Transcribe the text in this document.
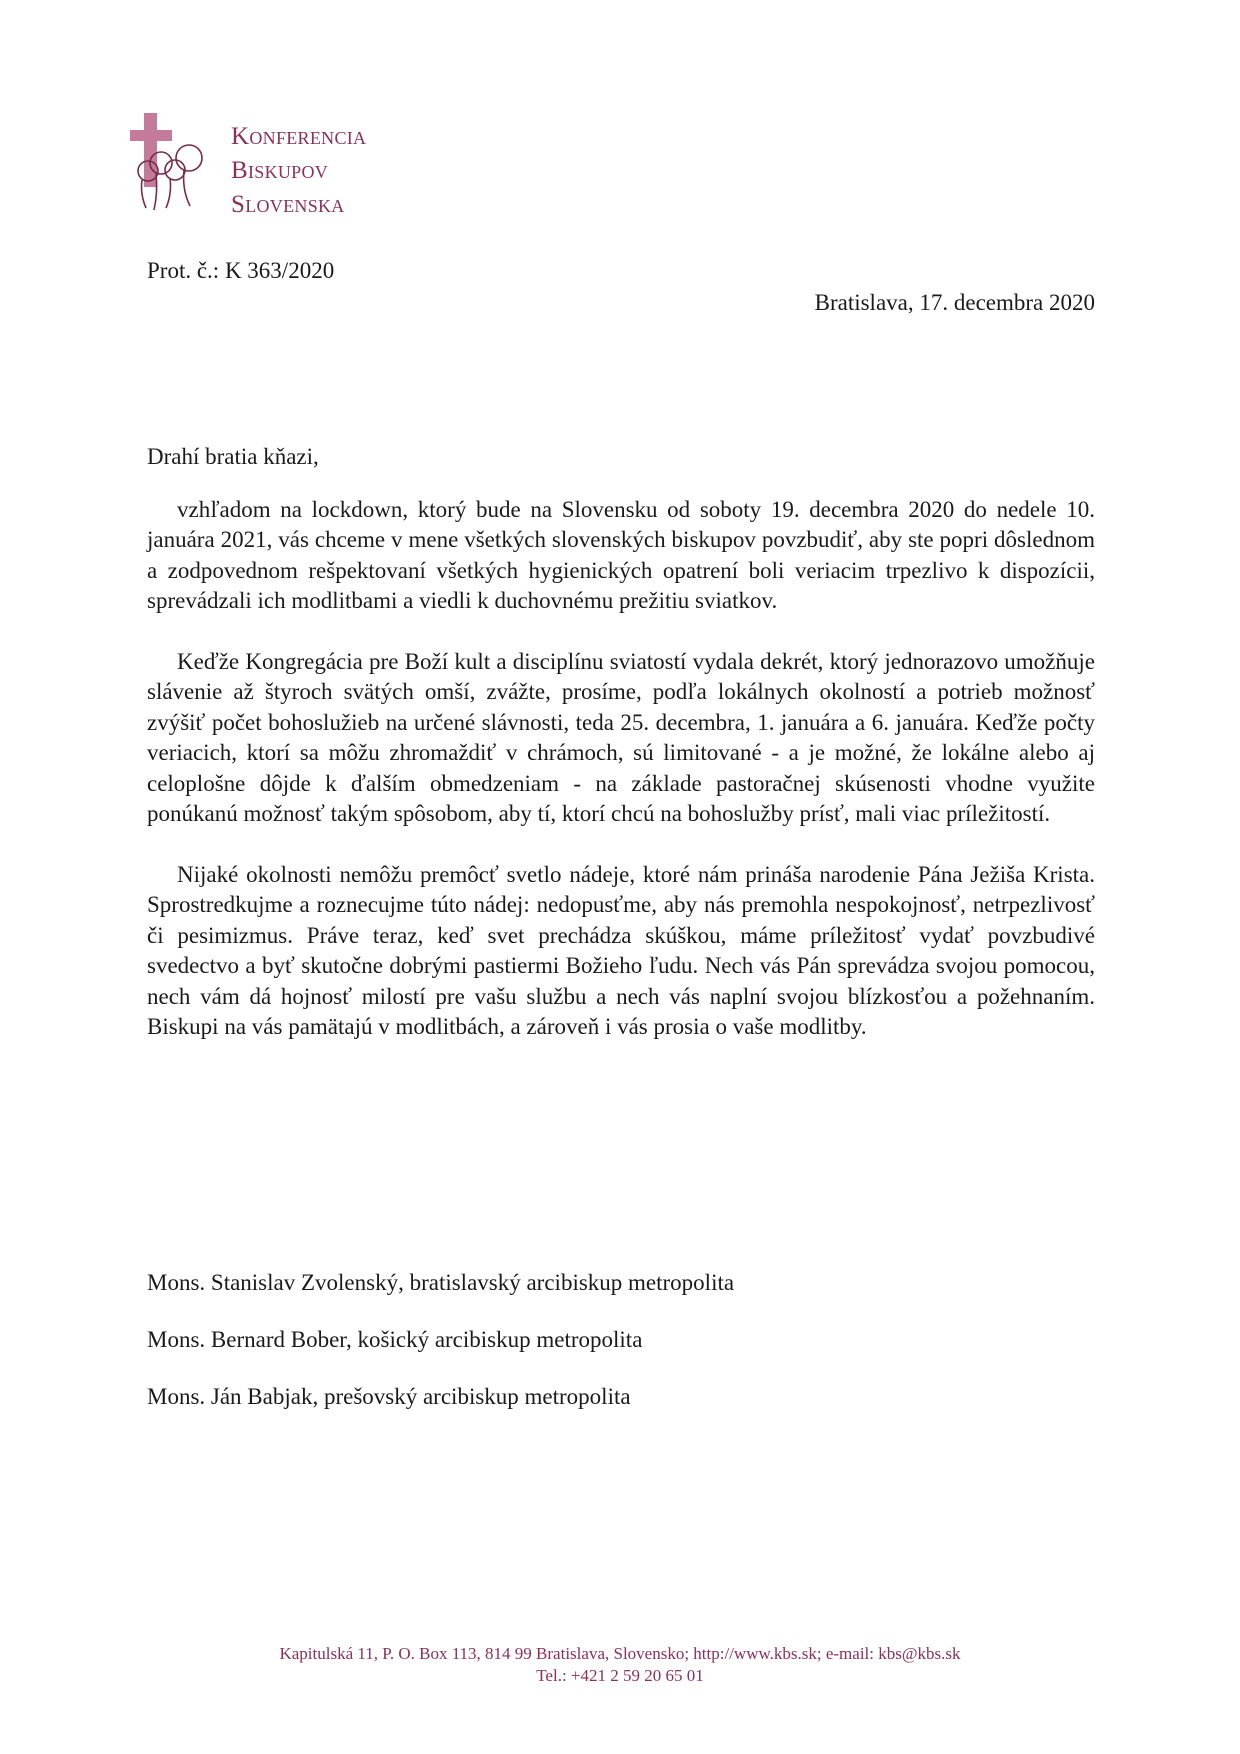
Konferencia
Biskupov
Slovenska
Prot. č.: K 363/2020
Bratislava, 17. decembra 2020

Drahí bratia kňazi,

vzhľadom na lockdown, ktorý bude na Slovensku od soboty 19. decembra 2020 do nedele 10. januára 2021, vás chceme v mene všetkých slovenských biskupov povzbudiť, aby ste popri dôslednom a zodpovednom rešpektovaní všetkých hygienických opatrení boli veriacim trpezlivo k dispozícii, sprevádzali ich modlitbami a viedli k duchovnému prežitiu sviatkov.

Keďže Kongregácia pre Boží kult a disciplínu sviatostí vydala dekrét, ktorý jednorazovo umožňuje slávenie až štyroch svätých omší, zvážte, prosíme, podľa lokálnych okolností a potrieb možnosť zvýšiť počet bohoslužieb na určené slávnosti, teda 25. decembra, 1. januára a 6. januára. Keďže počty veriacich, ktorí sa môžu zhromaždiť v chrámoch, sú limitované - a je možné, že lokálne alebo aj celoplošne dôjde k ďalším obmedzeniam - na základe pastoračnej skúsenosti vhodne využite ponúkanú možnosť takým spôsobom, aby tí, ktorí chcú na bohoslužby prísť, mali viac príležitostí.

Nijaké okolnosti nemôžu premôcť svetlo nádeje, ktoré nám prináša narodenie Pána Ježiša Krista. Sprostredkujme a roznecujme túto nádej: nedopusťme, aby nás premohla nespokojnosť, netrpezlivosť či pesimizmus. Práve teraz, keď svet prechádza skúškou, máme príležitosť vydať povzbudivé svedectvo a byť skutočne dobrými pastiermi Božieho ľudu. Nech vás Pán sprevádza svojou pomocou, nech vám dá hojnosť milostí pre vašu službu a nech vás naplní svojou blízkosťou a požehnaním. Biskupi na vás pamätajú v modlitbách, a zároveň i vás prosia o vaše modlitby.

Mons. Stanislav Zvolenský, bratislavský arcibiskup metropolita
Mons. Bernard Bober, košický arcibiskup metropolita
Mons. Ján Babjak, prešovský arcibiskup metropolita
Kapitulská 11, P. O. Box 113, 814 99 Bratislava, Slovensko; http://www.kbs.sk; e-mail: kbs@kbs.sk
Tel.: +421 2 59 20 65 01
